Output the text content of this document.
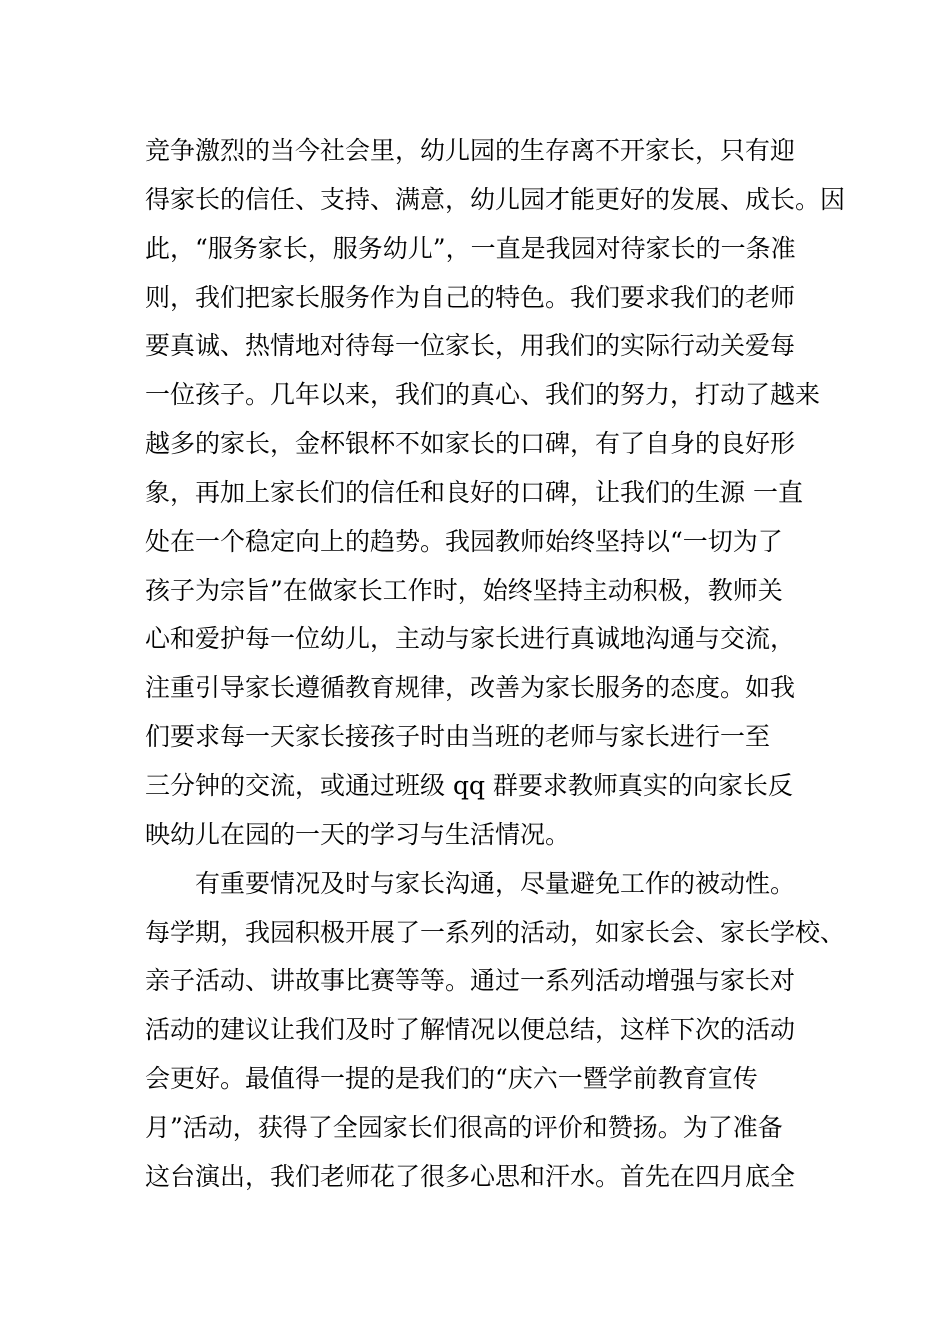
竞争激烈的当今社会里，幼儿园的生存离不开家长，只有迎
得家长的信任、支持、满意，幼儿园才能更好的发展、成长。因
此，“服务家长，服务幼儿”，一直是我园对待家长的一条准
则，我们把家长服务作为自己的特色。我们要求我们的老师
要真诚、热情地对待每一位家长，用我们的实际行动关爱每
一位孩子。几年以来，我们的真心、我们的努力，打动了越来
越多的家长，金杯银杯不如家长的口碑，有了自身的良好形
象，再加上家长们的信任和良好的口碑，让我们的生源 一直
处在一个稳定向上的趋势。我园教师始终坚持以“一切为了
孩子为宗旨”在做家长工作时，始终坚持主动积极，教师关
心和爱护每一位幼儿，主动与家长进行真诚地沟通与交流，
注重引导家长遵循教育规律，改善为家长服务的态度。如我
们要求每一天家长接孩子时由当班的老师与家长进行一至
三分钟的交流，或通过班级 qq 群要求教师真实的向家长反
映幼儿在园的一天的学习与生活情况。
有重要情况及时与家长沟通，尽量避免工作的被动性。
每学期，我园积极开展了一系列的活动，如家长会、家长学校、
亲子活动、讲故事比赛等等。通过一系列活动增强与家长对
活动的建议让我们及时了解情况以便总结，这样下次的活动
会更好。最值得一提的是我们的“庆六一暨学前教育宣传
月”活动，获得了全园家长们很高的评价和赞扬。为了准备
这台演出，我们老师花了很多心思和汗水。首先在四月底全
